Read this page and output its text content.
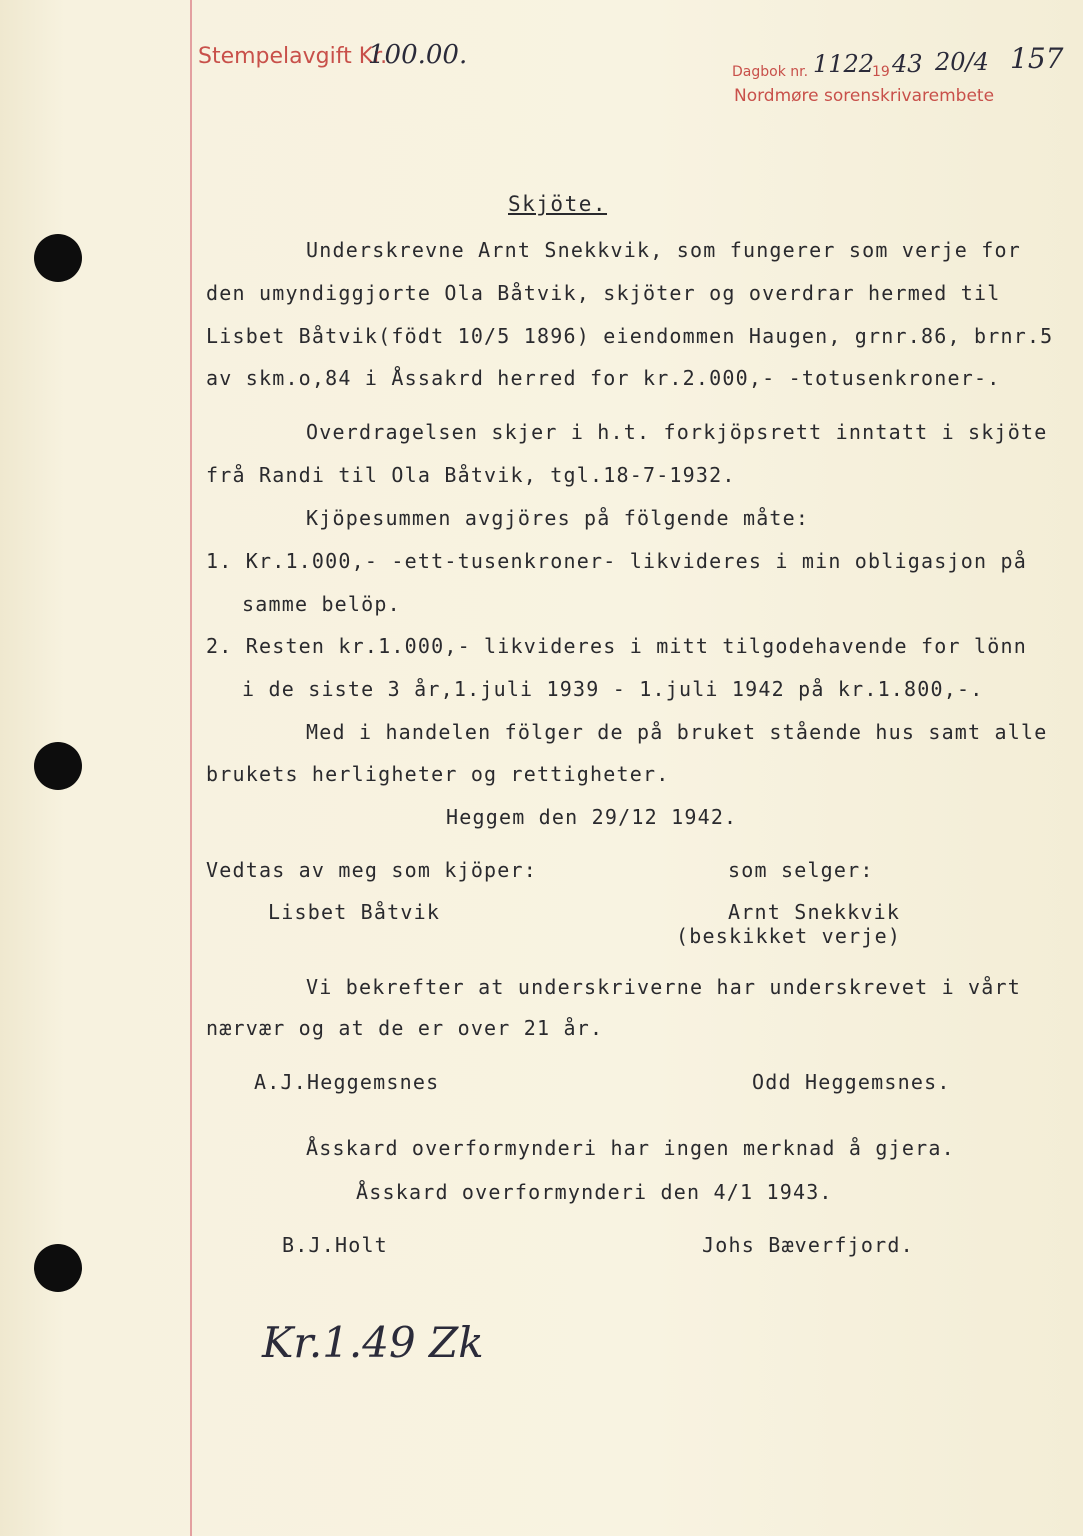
Stempelavgift Kr.
100.00.
Dagbok nr. 1122
19 43 20/4 157
Nordmøre sorenskrivarembete
Skjöte.
Underskrevne Arnt Snekkvik, som fungerer som verje for
den umyndiggjorte Ola Båtvik, skjöter og overdrar hermed til
Lisbet Båtvik(födt 10/5 1896) eiendommen Haugen, grnr.86, brnr.5
av skm.o,84 i Åssakrd herred for kr.2.000,- -totusenkroner-.
Overdragelsen skjer i h.t. forkjöpsrett inntatt i skjöte
frå Randi til Ola Båtvik, tgl.18-7-1932.
Kjöpesummen avgjöres på fölgende måte:
1. Kr.1.000,- -ett-tusenkroner- likvideres i min obligasjon på
samme belöp.
2. Resten kr.1.000,- likvideres i mitt tilgodehavende for lönn
i de siste 3 år,1.juli 1939 - 1.juli 1942 på kr.1.800,-.
Med i handelen fölger de på bruket stående hus samt alle
brukets herligheter og rettigheter.
Heggem den 29/12 1942.
Vedtas av meg som kjöper:	som selger:
Lisbet Båtvik	Arnt Snekkvik
(beskikket verje)
Vi bekrefter at underskriverne har underskrevet i vårt
nærvær og at de er over 21 år.
A.J.Heggemsnes	Odd Heggemsnes.
Åsskard overformynderi har ingen merknad å gjera.
Åsskard overformynderi den 4/1 1943.
B.J.Holt	Johs Bæverfjord.
Kr.1.49 Zk
